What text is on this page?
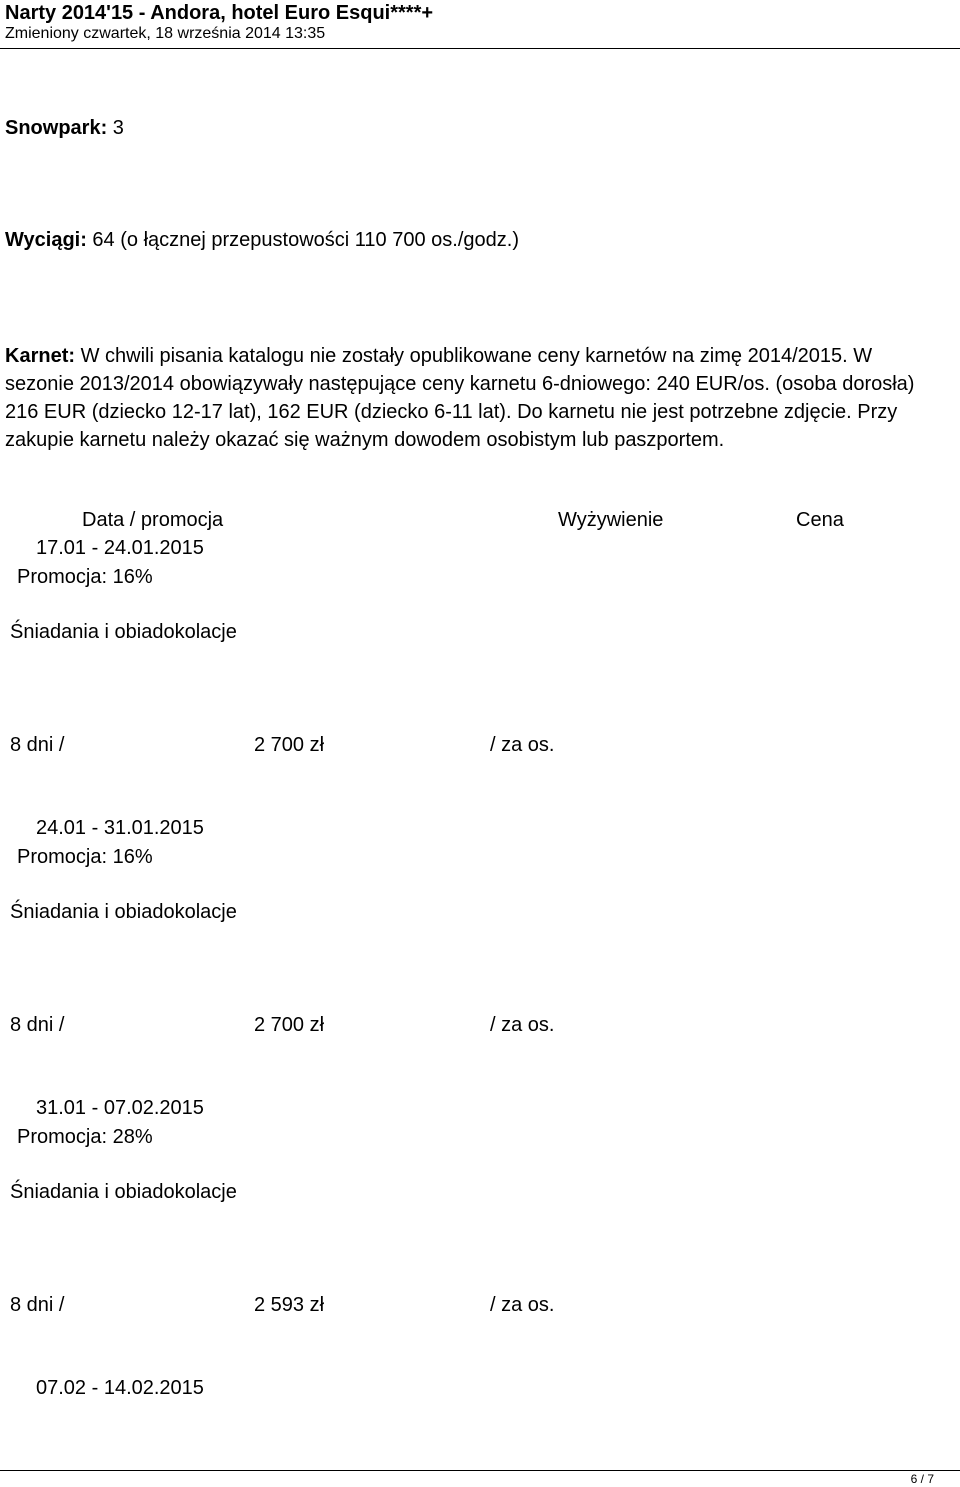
Narty 2014'15 - Andora, hotel Euro Esqui****+
Zmieniony czwartek, 18 września 2014 13:35
Snowpark: 3
Wyciągi: 64 (o łącznej przepustowości 110 700 os./godz.)
Karnet: W chwili pisania katalogu nie zostały opublikowane ceny karnetów na zimę 2014/2015. W sezonie 2013/2014 obowiązywały następujące ceny karnetu 6-dniowego: 240 EUR/os. (osoba dorosła) 216 EUR (dziecko 12-17 lat), 162 EUR (dziecko 6-11 lat). Do karnetu nie jest potrzebne zdjęcie. Przy zakupie karnetu należy okazać się ważnym dowodem osobistym lub paszportem.
Data / promocja	Wyżywienie	Cena
17.01 - 24.01.2015
Promocja: 16%
Śniadania i obiadokolacje
8 dni /	2 700 zł	/ za os.
24.01 - 31.01.2015
Promocja: 16%
Śniadania i obiadokolacje
8 dni /	2 700 zł	/ za os.
31.01 - 07.02.2015
Promocja: 28%
Śniadania i obiadokolacje
8 dni /	2 593 zł	/ za os.
07.02 - 14.02.2015
6 / 7
